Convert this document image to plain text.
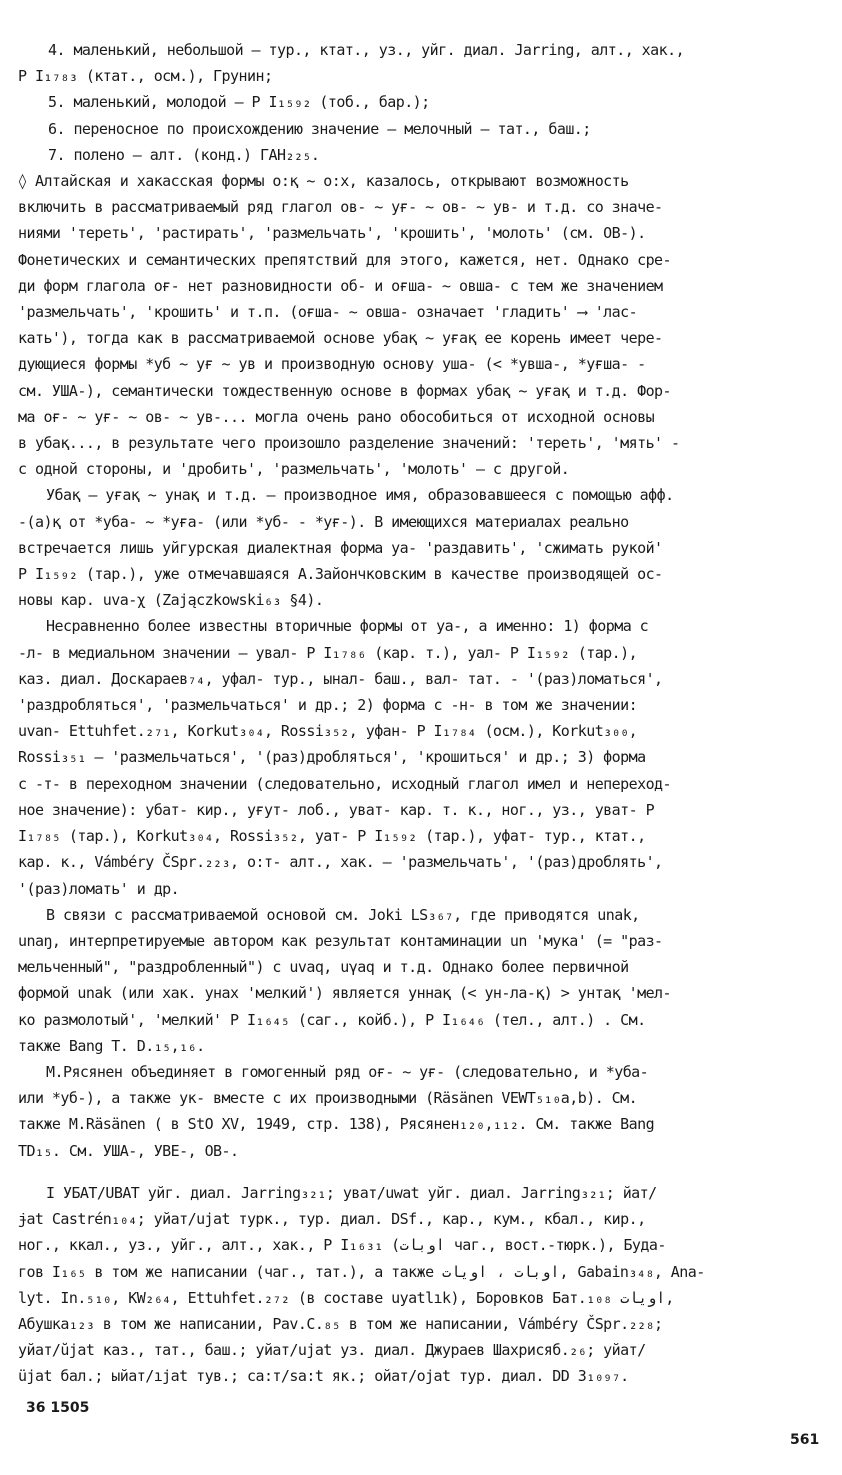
4. маленький, небольшой – тур., ктат., уз., уйг. диал. Jarring, алт., хак.,
Р I₁₇₈₃ (ктат., осм.), Грунин;
5. маленький, молодой – Р I₁₅₉₂ (тоб., бар.);
6. переносное по происхождению значение – мелочный – тат., баш.;
7. полено – алт. (конд.) ГАН₂₂₅.
◊ Алтайская и хакасская формы о:қ ~ о:х, казалось, открывают возможность
включить в рассматриваемый ряд глагол ов- ~ уғ- ~ ов- ~ ув- и т.д. со значе-
ниями 'тереть', 'растирать', 'размельчать', 'крошить', 'молоть' (см. ОВ-).
Фонетических и семантических препятствий для этого, кажется, нет. Однако сре-
ди форм глагола оғ- нет разновидности об- и оғша- ~ овша- с тем же значением
'размельчать', 'крошить' и т.п. (оғша- ~ овша- означает 'гладить' ⟶ 'лас-
кать'), тогда как в рассматриваемой основе убақ ~ уғақ ее корень имеет чере-
дующиеся формы *уб ~ уғ ~ ув и производную основу уша- (< *увша-, *уғша- -
см. УША-), семантически тождественную основе в формах убақ ~ уғақ и т.д. Фор-
ма оғ- ~ уғ- ~ ов- ~ ув-... могла очень рано обособиться от исходной основы
в убақ..., в результате чего произошло разделение значений: 'тереть', 'мять' -
с одной стороны, и 'дробить', 'размельчать', 'молоть' – с другой.
Убақ – уғақ ~ унақ и т.д. – производное имя, образовавшееся с помощью афф.
-(а)қ от *уба- ~ *уға- (или *уб- - *уғ-). В имеющихся материалах реально
встречается лишь уйгурская диалектная форма уа- 'раздавить', 'сжимать рукой'
Р I₁₅₉₂ (тар.), уже отмечавшаяся А.Зайончковским в качестве производящей ос-
новы кар. uva-χ (Zajączkowski₆₃ §4).
Несравненно более известны вторичные формы от уа-, а именно: 1) форма с
-л- в медиальном значении – увал- Р I₁₇₈₆ (кар. т.), уал- Р I₁₅₉₂ (тар.),
каз. диал. Доскараев₇₄, уфал- тур., ынал- баш., вал- тат. - '(раз)ломаться',
'раздробляться', 'размельчаться' и др.; 2) форма с -н- в том же значении:
uvan- Ettuhfet.₂₇₁, Korkut₃₀₄, Rossi₃₅₂, уфан- Р I₁₇₈₄ (осм.), Korkut₃₀₀,
Rossi₃₅₁ – 'размельчаться', '(раз)дробляться', 'крошиться' и др.; 3) форма
с -т- в переходном значении (следовательно, исходный глагол имел и непереход-
ное значение): убат- кир., уғут- лоб., уват- кар. т. к., ног., уз., уват- Р
I₁₇₈₅ (тар.), Korkut₃₀₄, Rossi₃₅₂, уат- Р I₁₅₉₂ (тар.), уфат- тур., ктат.,
кар. к., Vámbéry ČSpr.₂₂₃, о:т- алт., хак. – 'размельчать', '(раз)дроблять',
'(раз)ломать' и др.
В связи с рассматриваемой основой см. Joki LS₃₆₇, где приводятся unak,
unaŋ, интерпретируемые автором как результат контаминации un 'мука' (= "раз-
мельченный", "раздробленный") с uvaq, uγaq и т.д. Однако более первичной
формой unak (или хак. унах 'мелкий') является уннақ (< ун-ла-қ) > унтақ 'мел-
ко размолотый', 'мелкий' Р I₁₆₄₅ (саг., койб.), Р I₁₆₄₆ (тел., алт.) . См.
также Bang T. D.₁₅,₁₆.
М.Рясянен объединяет в гомогенный ряд оғ- ~ уғ- (следовательно, и *уба-
или *уб-), а также ук- вместе с их производными (Räsänen VEWT₅₁₀а,b). См.
также M.Räsänen ( в StO XV, 1949, стр. 138), Рясянен₁₂₀,₁₁₂. См. также Bang
TD₁₅. См. УША-, УВЕ-, ОВ-.
I УБАТ/UBAT уйг. диал. Jarring₃₂₁; уват/uwat уйг. диал. Jarring₃₂₁; йат/
ɉat Castrén₁₀₄; уйат/ujat турк., тур. диал. DSf., кар., кум., кбал., кир.,
ног., ккал., уз., уйг., алт., хак., Р I₁₆₃₁ (اوبات чаг., вост.-тюрк.), Буда-
гов I₁₆₅ в том же написании (чаг., тат.), а также اوبات ، اويات, Gabain₃₄₈, Ana-
lyt. In.₅₁₀, KW₂₆₄, Ettuhfet.₂₇₂ (в составе uyatlık), Боровков Бат.₁₀₈ اويات,
Абушка₁₂₃ в том же написании, Pav.C.₈₅ в том же написании, Vámbéry ČSpr.₂₂₈;
уйат/ŭjat каз., тат., баш.; уйат/ujat уз. диал. Джураев Шахрисяб.₂₆; уйат/
üjat бал.; ыйат/ıjat тув.; са:т/sa:t як.; ойат/ojat тур. диал. DD 3₁₀₉₇.
36 1505
561
